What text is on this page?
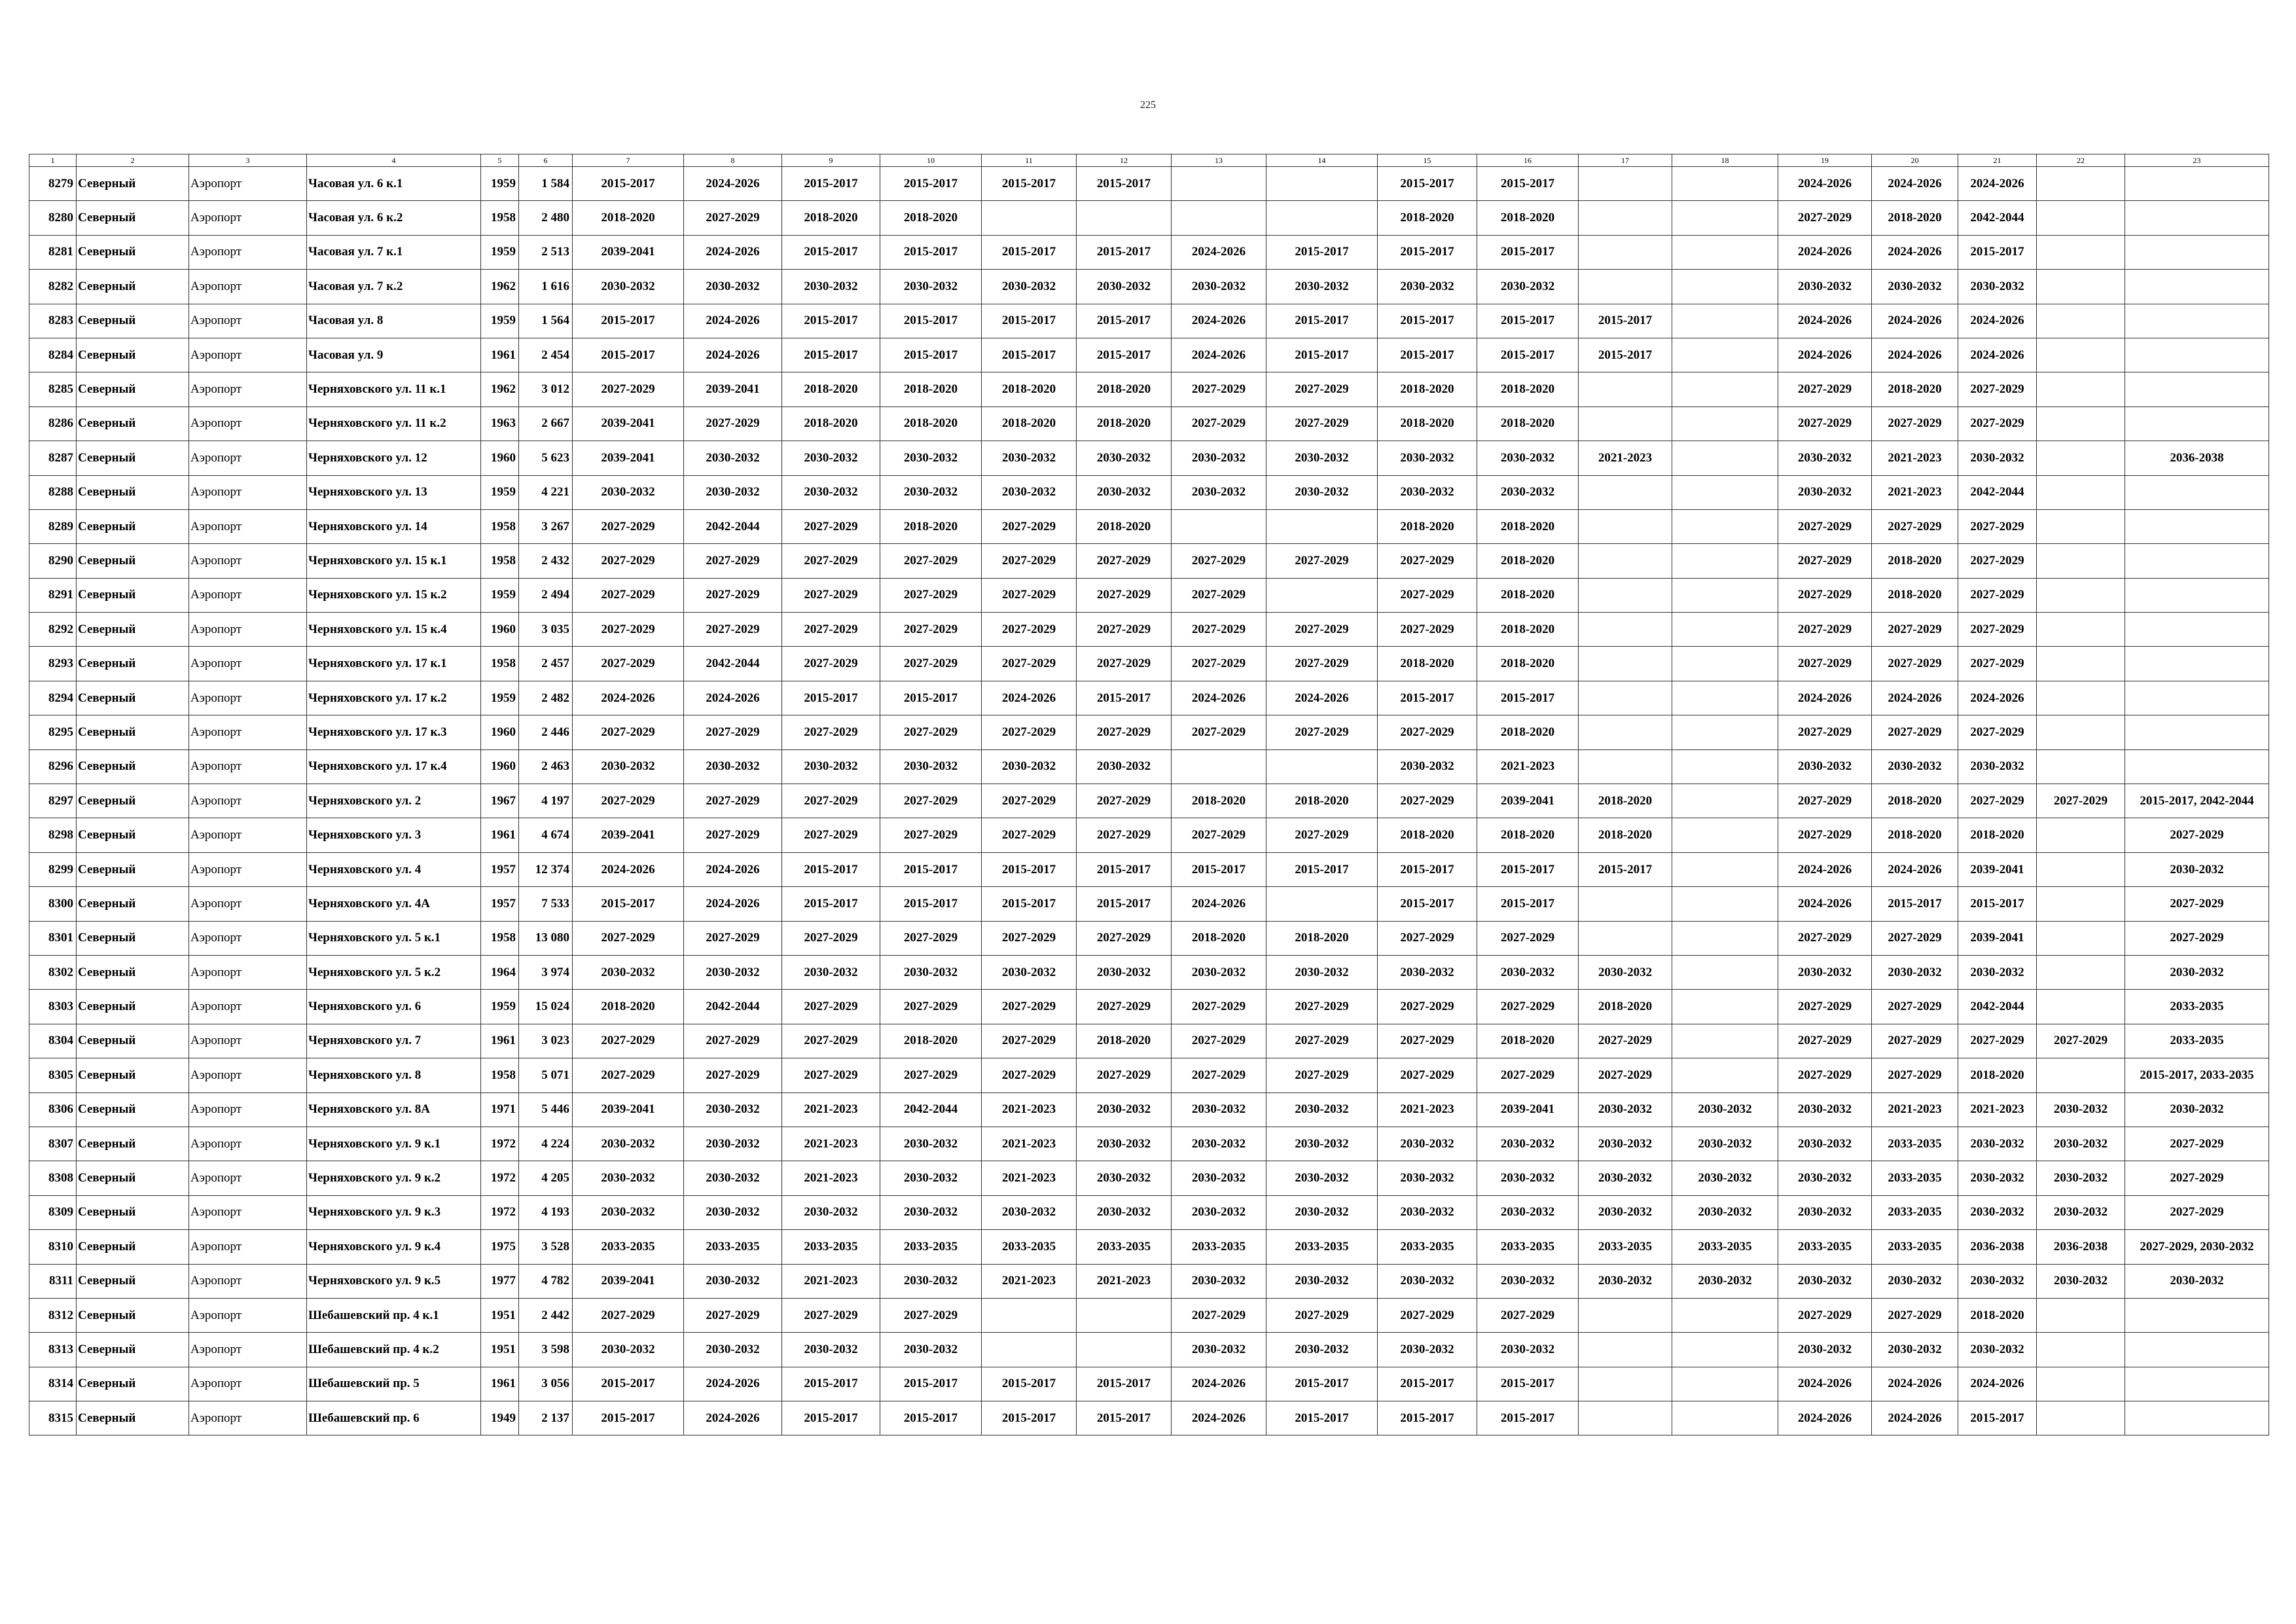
225
1	2	3	4	5	6	7	8	9	10	11	12	13	14	15	16	17	18	19	20	21	22	23
8279	Северный	Аэропорт	Часовая ул. 6 к.1	1959	1 584	2015-2017	2024-2026	2015-2017	2015-2017	2015-2017	2015-2017			2015-2017	2015-2017			2024-2026	2024-2026	2024-2026		
8280	Северный	Аэропорт	Часовая ул. 6 к.2	1958	2 480	2018-2020	2027-2029	2018-2020	2018-2020					2018-2020	2018-2020			2027-2029	2018-2020	2042-2044		
8281	Северный	Аэропорт	Часовая ул. 7 к.1	1959	2 513	2039-2041	2024-2026	2015-2017	2015-2017	2015-2017	2015-2017	2024-2026	2015-2017	2015-2017	2015-2017			2024-2026	2024-2026	2015-2017		
8282	Северный	Аэропорт	Часовая ул. 7 к.2	1962	1 616	2030-2032	2030-2032	2030-2032	2030-2032	2030-2032	2030-2032	2030-2032	2030-2032	2030-2032	2030-2032			2030-2032	2030-2032	2030-2032		
8283	Северный	Аэропорт	Часовая ул. 8	1959	1 564	2015-2017	2024-2026	2015-2017	2015-2017	2015-2017	2015-2017	2024-2026	2015-2017	2015-2017	2015-2017	2015-2017		2024-2026	2024-2026	2024-2026		
8284	Северный	Аэропорт	Часовая ул. 9	1961	2 454	2015-2017	2024-2026	2015-2017	2015-2017	2015-2017	2015-2017	2024-2026	2015-2017	2015-2017	2015-2017	2015-2017		2024-2026	2024-2026	2024-2026		
8285	Северный	Аэропорт	Черняховского ул. 11 к.1	1962	3 012	2027-2029	2039-2041	2018-2020	2018-2020	2018-2020	2018-2020	2027-2029	2027-2029	2018-2020	2018-2020			2027-2029	2018-2020	2027-2029		
8286	Северный	Аэропорт	Черняховского ул. 11 к.2	1963	2 667	2039-2041	2027-2029	2018-2020	2018-2020	2018-2020	2018-2020	2027-2029	2027-2029	2018-2020	2018-2020			2027-2029	2027-2029	2027-2029		
8287	Северный	Аэропорт	Черняховского ул. 12	1960	5 623	2039-2041	2030-2032	2030-2032	2030-2032	2030-2032	2030-2032	2030-2032	2030-2032	2030-2032	2030-2032	2021-2023		2030-2032	2021-2023	2030-2032		2036-2038
8288	Северный	Аэропорт	Черняховского ул. 13	1959	4 221	2030-2032	2030-2032	2030-2032	2030-2032	2030-2032	2030-2032	2030-2032	2030-2032	2030-2032	2030-2032			2030-2032	2021-2023	2042-2044		
8289	Северный	Аэропорт	Черняховского ул. 14	1958	3 267	2027-2029	2042-2044	2027-2029	2018-2020	2027-2029	2018-2020			2018-2020	2018-2020			2027-2029	2027-2029	2027-2029		
8290	Северный	Аэропорт	Черняховского ул. 15 к.1	1958	2 432	2027-2029	2027-2029	2027-2029	2027-2029	2027-2029	2027-2029	2027-2029	2027-2029	2027-2029	2018-2020			2027-2029	2018-2020	2027-2029		
8291	Северный	Аэропорт	Черняховского ул. 15 к.2	1959	2 494	2027-2029	2027-2029	2027-2029	2027-2029	2027-2029	2027-2029	2027-2029		2027-2029	2018-2020			2027-2029	2018-2020	2027-2029		
8292	Северный	Аэропорт	Черняховского ул. 15 к.4	1960	3 035	2027-2029	2027-2029	2027-2029	2027-2029	2027-2029	2027-2029	2027-2029	2027-2029	2027-2029	2018-2020			2027-2029	2027-2029	2027-2029		
8293	Северный	Аэропорт	Черняховского ул. 17 к.1	1958	2 457	2027-2029	2042-2044	2027-2029	2027-2029	2027-2029	2027-2029	2027-2029	2027-2029	2018-2020	2018-2020			2027-2029	2027-2029	2027-2029		
8294	Северный	Аэропорт	Черняховского ул. 17 к.2	1959	2 482	2024-2026	2024-2026	2015-2017	2015-2017	2024-2026	2015-2017	2024-2026	2024-2026	2015-2017	2015-2017			2024-2026	2024-2026	2024-2026		
8295	Северный	Аэропорт	Черняховского ул. 17 к.3	1960	2 446	2027-2029	2027-2029	2027-2029	2027-2029	2027-2029	2027-2029	2027-2029	2027-2029	2027-2029	2018-2020			2027-2029	2027-2029	2027-2029		
8296	Северный	Аэропорт	Черняховского ул. 17 к.4	1960	2 463	2030-2032	2030-2032	2030-2032	2030-2032	2030-2032	2030-2032			2030-2032	2021-2023			2030-2032	2030-2032	2030-2032		
8297	Северный	Аэропорт	Черняховского ул. 2	1967	4 197	2027-2029	2027-2029	2027-2029	2027-2029	2027-2029	2027-2029	2018-2020	2018-2020	2027-2029	2039-2041	2018-2020		2027-2029	2018-2020	2027-2029	2027-2029	2015-2017, 2042-2044
8298	Северный	Аэропорт	Черняховского ул. 3	1961	4 674	2039-2041	2027-2029	2027-2029	2027-2029	2027-2029	2027-2029	2027-2029	2027-2029	2018-2020	2018-2020	2018-2020		2027-2029	2018-2020	2018-2020		2027-2029
8299	Северный	Аэропорт	Черняховского ул. 4	1957	12 374	2024-2026	2024-2026	2015-2017	2015-2017	2015-2017	2015-2017	2015-2017	2015-2017	2015-2017	2015-2017	2015-2017		2024-2026	2024-2026	2039-2041		2030-2032
8300	Северный	Аэропорт	Черняховского ул. 4А	1957	7 533	2015-2017	2024-2026	2015-2017	2015-2017	2015-2017	2015-2017	2024-2026		2015-2017	2015-2017			2024-2026	2015-2017	2015-2017		2027-2029
8301	Северный	Аэропорт	Черняховского ул. 5 к.1	1958	13 080	2027-2029	2027-2029	2027-2029	2027-2029	2027-2029	2027-2029	2018-2020	2018-2020	2027-2029	2027-2029			2027-2029	2027-2029	2039-2041		2027-2029
8302	Северный	Аэропорт	Черняховского ул. 5 к.2	1964	3 974	2030-2032	2030-2032	2030-2032	2030-2032	2030-2032	2030-2032	2030-2032	2030-2032	2030-2032	2030-2032	2030-2032		2030-2032	2030-2032	2030-2032		2030-2032
8303	Северный	Аэропорт	Черняховского ул. 6	1959	15 024	2018-2020	2042-2044	2027-2029	2027-2029	2027-2029	2027-2029	2027-2029	2027-2029	2027-2029	2027-2029	2018-2020		2027-2029	2027-2029	2042-2044		2033-2035
8304	Северный	Аэропорт	Черняховского ул. 7	1961	3 023	2027-2029	2027-2029	2027-2029	2018-2020	2027-2029	2018-2020	2027-2029	2027-2029	2027-2029	2018-2020	2027-2029		2027-2029	2027-2029	2027-2029	2027-2029	2033-2035
8305	Северный	Аэропорт	Черняховского ул. 8	1958	5 071	2027-2029	2027-2029	2027-2029	2027-2029	2027-2029	2027-2029	2027-2029	2027-2029	2027-2029	2027-2029	2027-2029		2027-2029	2027-2029	2018-2020		2015-2017, 2033-2035
8306	Северный	Аэропорт	Черняховского ул. 8А	1971	5 446	2039-2041	2030-2032	2021-2023	2042-2044	2021-2023	2030-2032	2030-2032	2030-2032	2021-2023	2039-2041	2030-2032	2030-2032	2030-2032	2021-2023	2021-2023	2030-2032	2030-2032
8307	Северный	Аэропорт	Черняховского ул. 9 к.1	1972	4 224	2030-2032	2030-2032	2021-2023	2030-2032	2021-2023	2030-2032	2030-2032	2030-2032	2030-2032	2030-2032	2030-2032	2030-2032	2030-2032	2033-2035	2030-2032	2030-2032	2027-2029
8308	Северный	Аэропорт	Черняховского ул. 9 к.2	1972	4 205	2030-2032	2030-2032	2021-2023	2030-2032	2021-2023	2030-2032	2030-2032	2030-2032	2030-2032	2030-2032	2030-2032	2030-2032	2030-2032	2033-2035	2030-2032	2030-2032	2027-2029
8309	Северный	Аэропорт	Черняховского ул. 9 к.3	1972	4 193	2030-2032	2030-2032	2030-2032	2030-2032	2030-2032	2030-2032	2030-2032	2030-2032	2030-2032	2030-2032	2030-2032	2030-2032	2030-2032	2033-2035	2030-2032	2030-2032	2027-2029
8310	Северный	Аэропорт	Черняховского ул. 9 к.4	1975	3 528	2033-2035	2033-2035	2033-2035	2033-2035	2033-2035	2033-2035	2033-2035	2033-2035	2033-2035	2033-2035	2033-2035	2033-2035	2033-2035	2033-2035	2036-2038	2036-2038	2027-2029, 2030-2032
8311	Северный	Аэропорт	Черняховского ул. 9 к.5	1977	4 782	2039-2041	2030-2032	2021-2023	2030-2032	2021-2023	2021-2023	2030-2032	2030-2032	2030-2032	2030-2032	2030-2032	2030-2032	2030-2032	2030-2032	2030-2032	2030-2032	2030-2032
8312	Северный	Аэропорт	Шебашевский пр. 4 к.1	1951	2 442	2027-2029	2027-2029	2027-2029	2027-2029			2027-2029	2027-2029	2027-2029	2027-2029			2027-2029	2027-2029	2018-2020		
8313	Северный	Аэропорт	Шебашевский пр. 4 к.2	1951	3 598	2030-2032	2030-2032	2030-2032	2030-2032			2030-2032	2030-2032	2030-2032	2030-2032			2030-2032	2030-2032	2030-2032		
8314	Северный	Аэропорт	Шебашевский пр. 5	1961	3 056	2015-2017	2024-2026	2015-2017	2015-2017	2015-2017	2015-2017	2024-2026	2015-2017	2015-2017	2015-2017			2024-2026	2024-2026	2024-2026		
8315	Северный	Аэропорт	Шебашевский пр. 6	1949	2 137	2015-2017	2024-2026	2015-2017	2015-2017	2015-2017	2015-2017	2024-2026	2015-2017	2015-2017	2015-2017			2024-2026	2024-2026	2015-2017		
